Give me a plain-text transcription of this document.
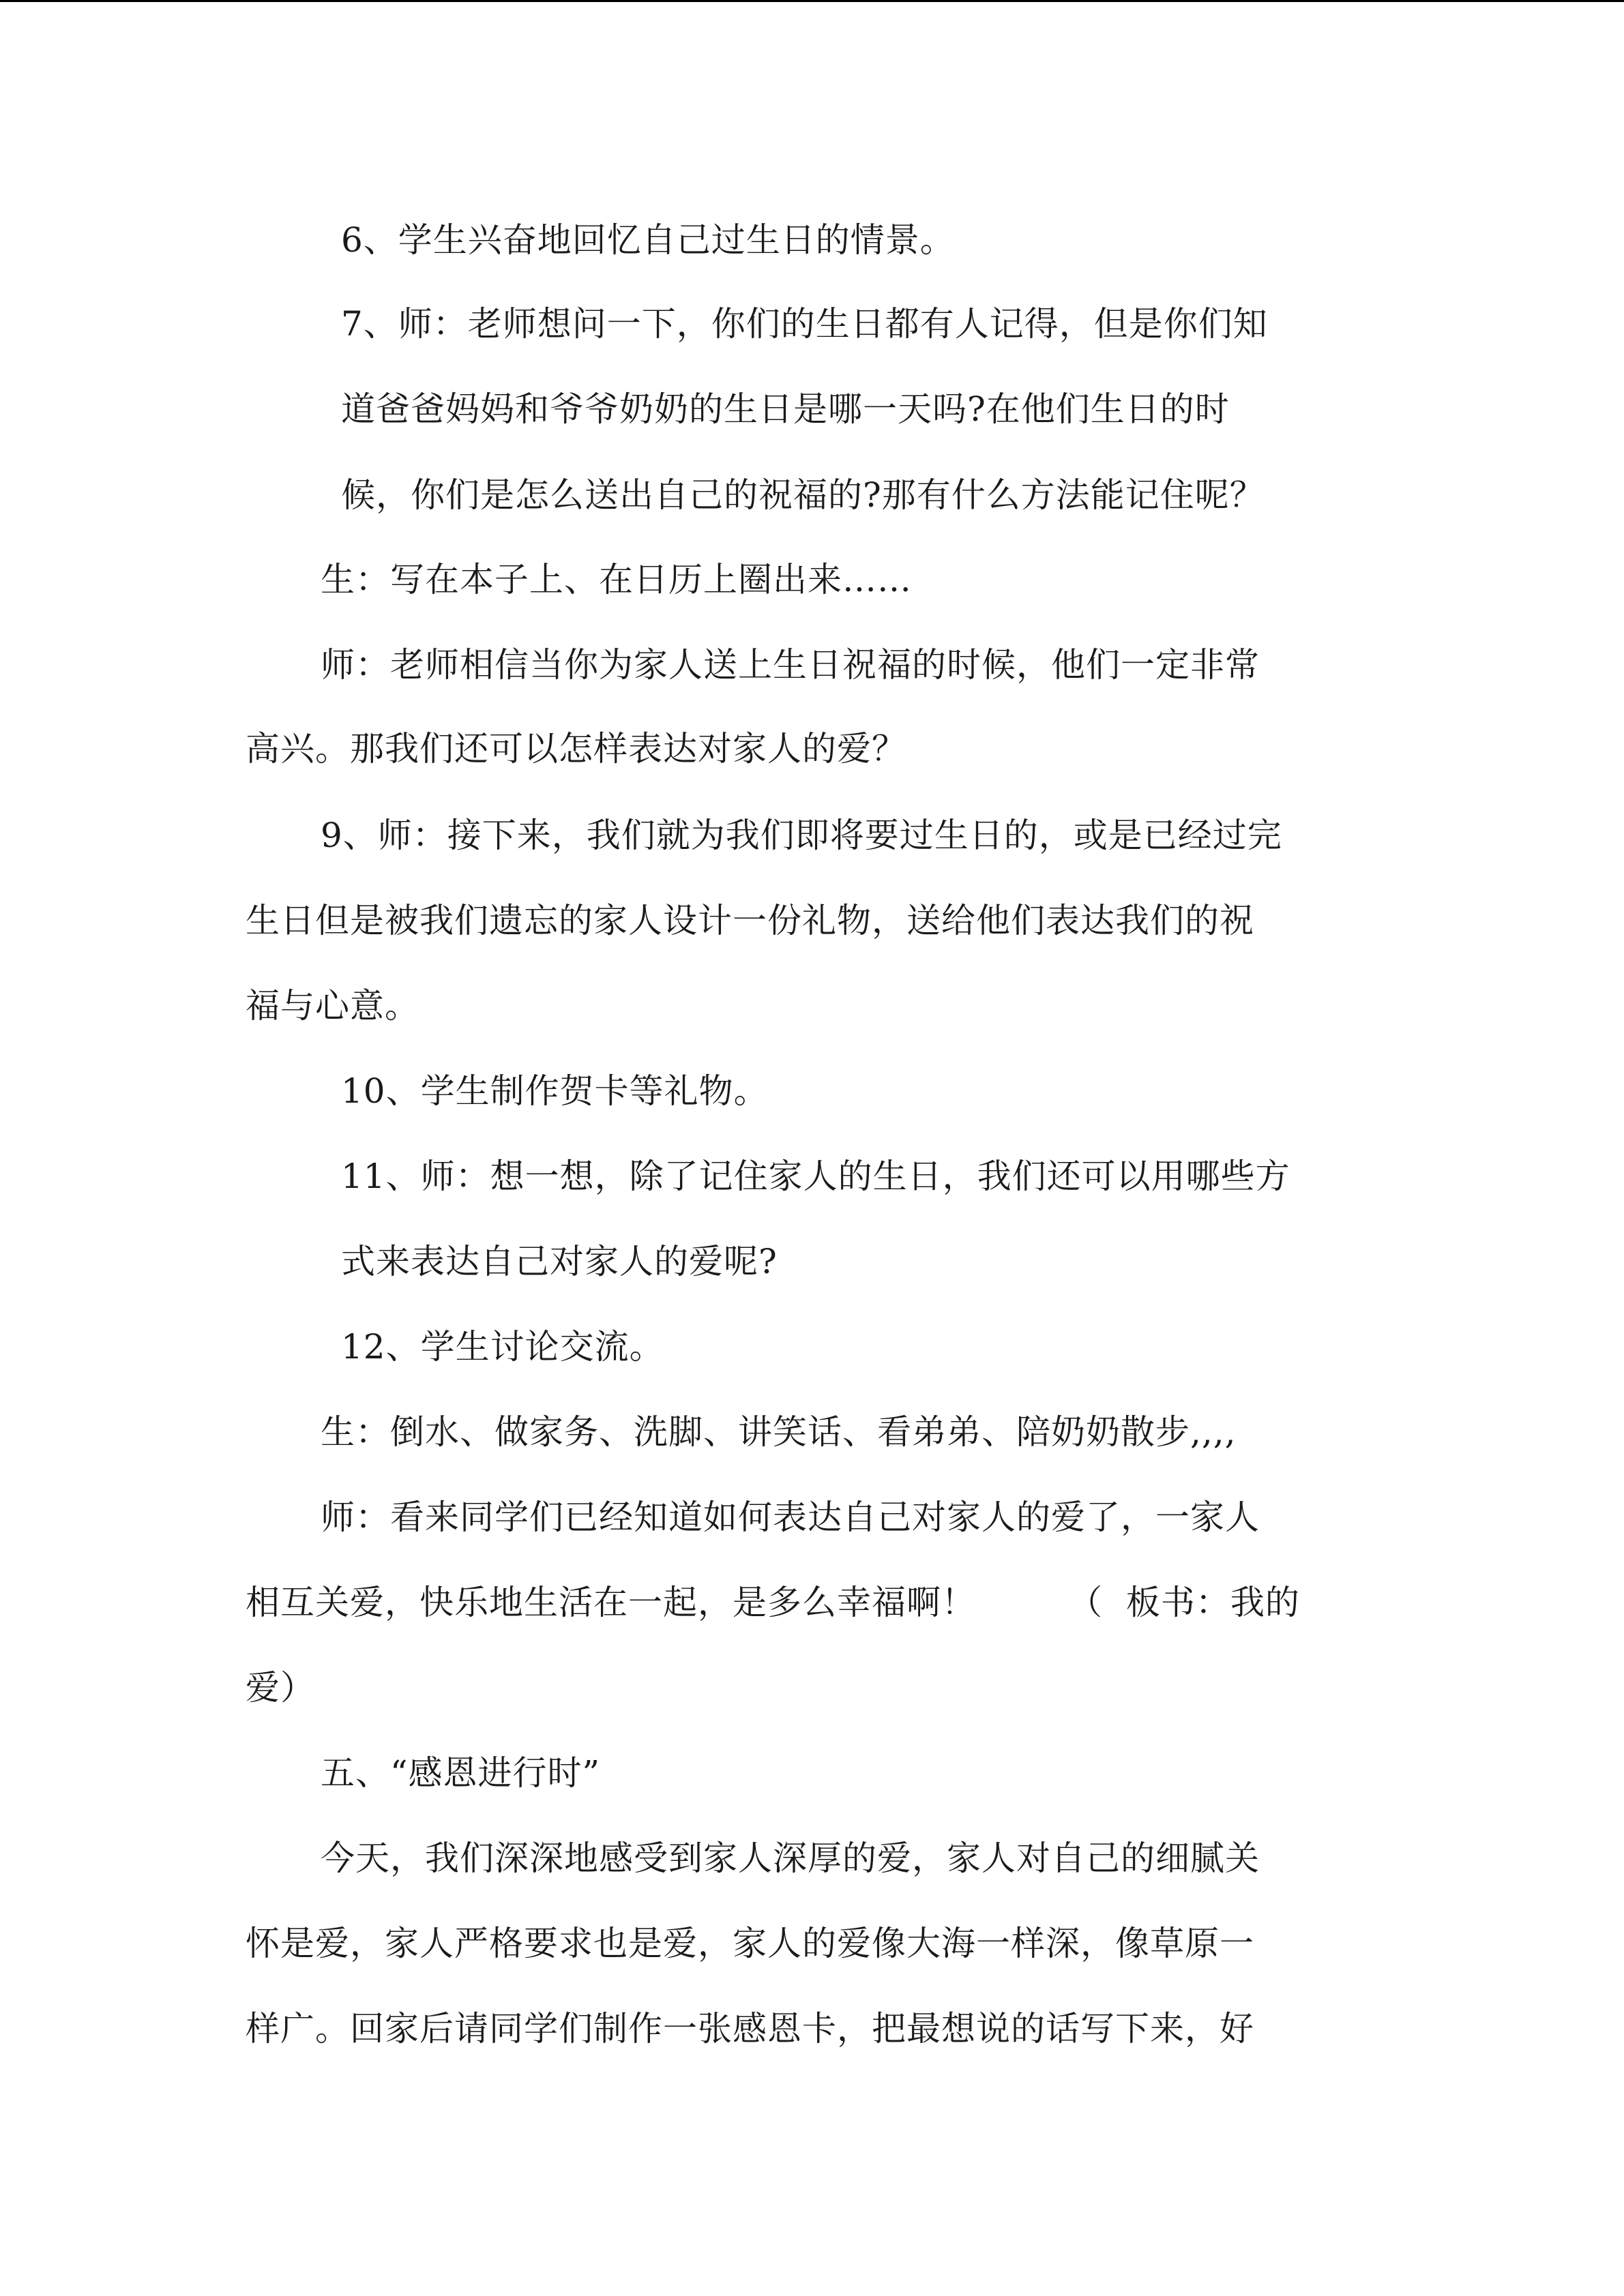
6、学生兴奋地回忆自己过生日的情景。
7、师：老师想问一下，你们的生日都有人记得，但是你们知
道爸爸妈妈和爷爷奶奶的生日是哪一天吗?在他们生日的时
候，你们是怎么送出自己的祝福的?那有什么方法能记住呢？
生：写在本子上、在日历上圈出来……
师：老师相信当你为家人送上生日祝福的时候，他们一定非常
高兴。那我们还可以怎样表达对家人的爱？
9、师：接下来，我们就为我们即将要过生日的，或是已经过完
生日但是被我们遗忘的家人设计一份礼物，送给他们表达我们的祝
福与心意。
10、学生制作贺卡等礼物。
11、师：想一想，除了记住家人的生日，我们还可以用哪些方
式来表达自己对家人的爱呢?
12、学生讨论交流。
生：倒水、做家务、洗脚、讲笑话、看弟弟、陪奶奶散步,,,,
师：看来同学们已经知道如何表达自己对家人的爱了，一家人
相互关爱，快乐地生活在一起，是多么幸福啊！        （  板书：我的
爱）
五、“感恩进行时”
今天，我们深深地感受到家人深厚的爱，家人对自己的细腻关
怀是爱，家人严格要求也是爱，家人的爱像大海一样深，像草原一
样广。回家后请同学们制作一张感恩卡，把最想说的话写下来，好
